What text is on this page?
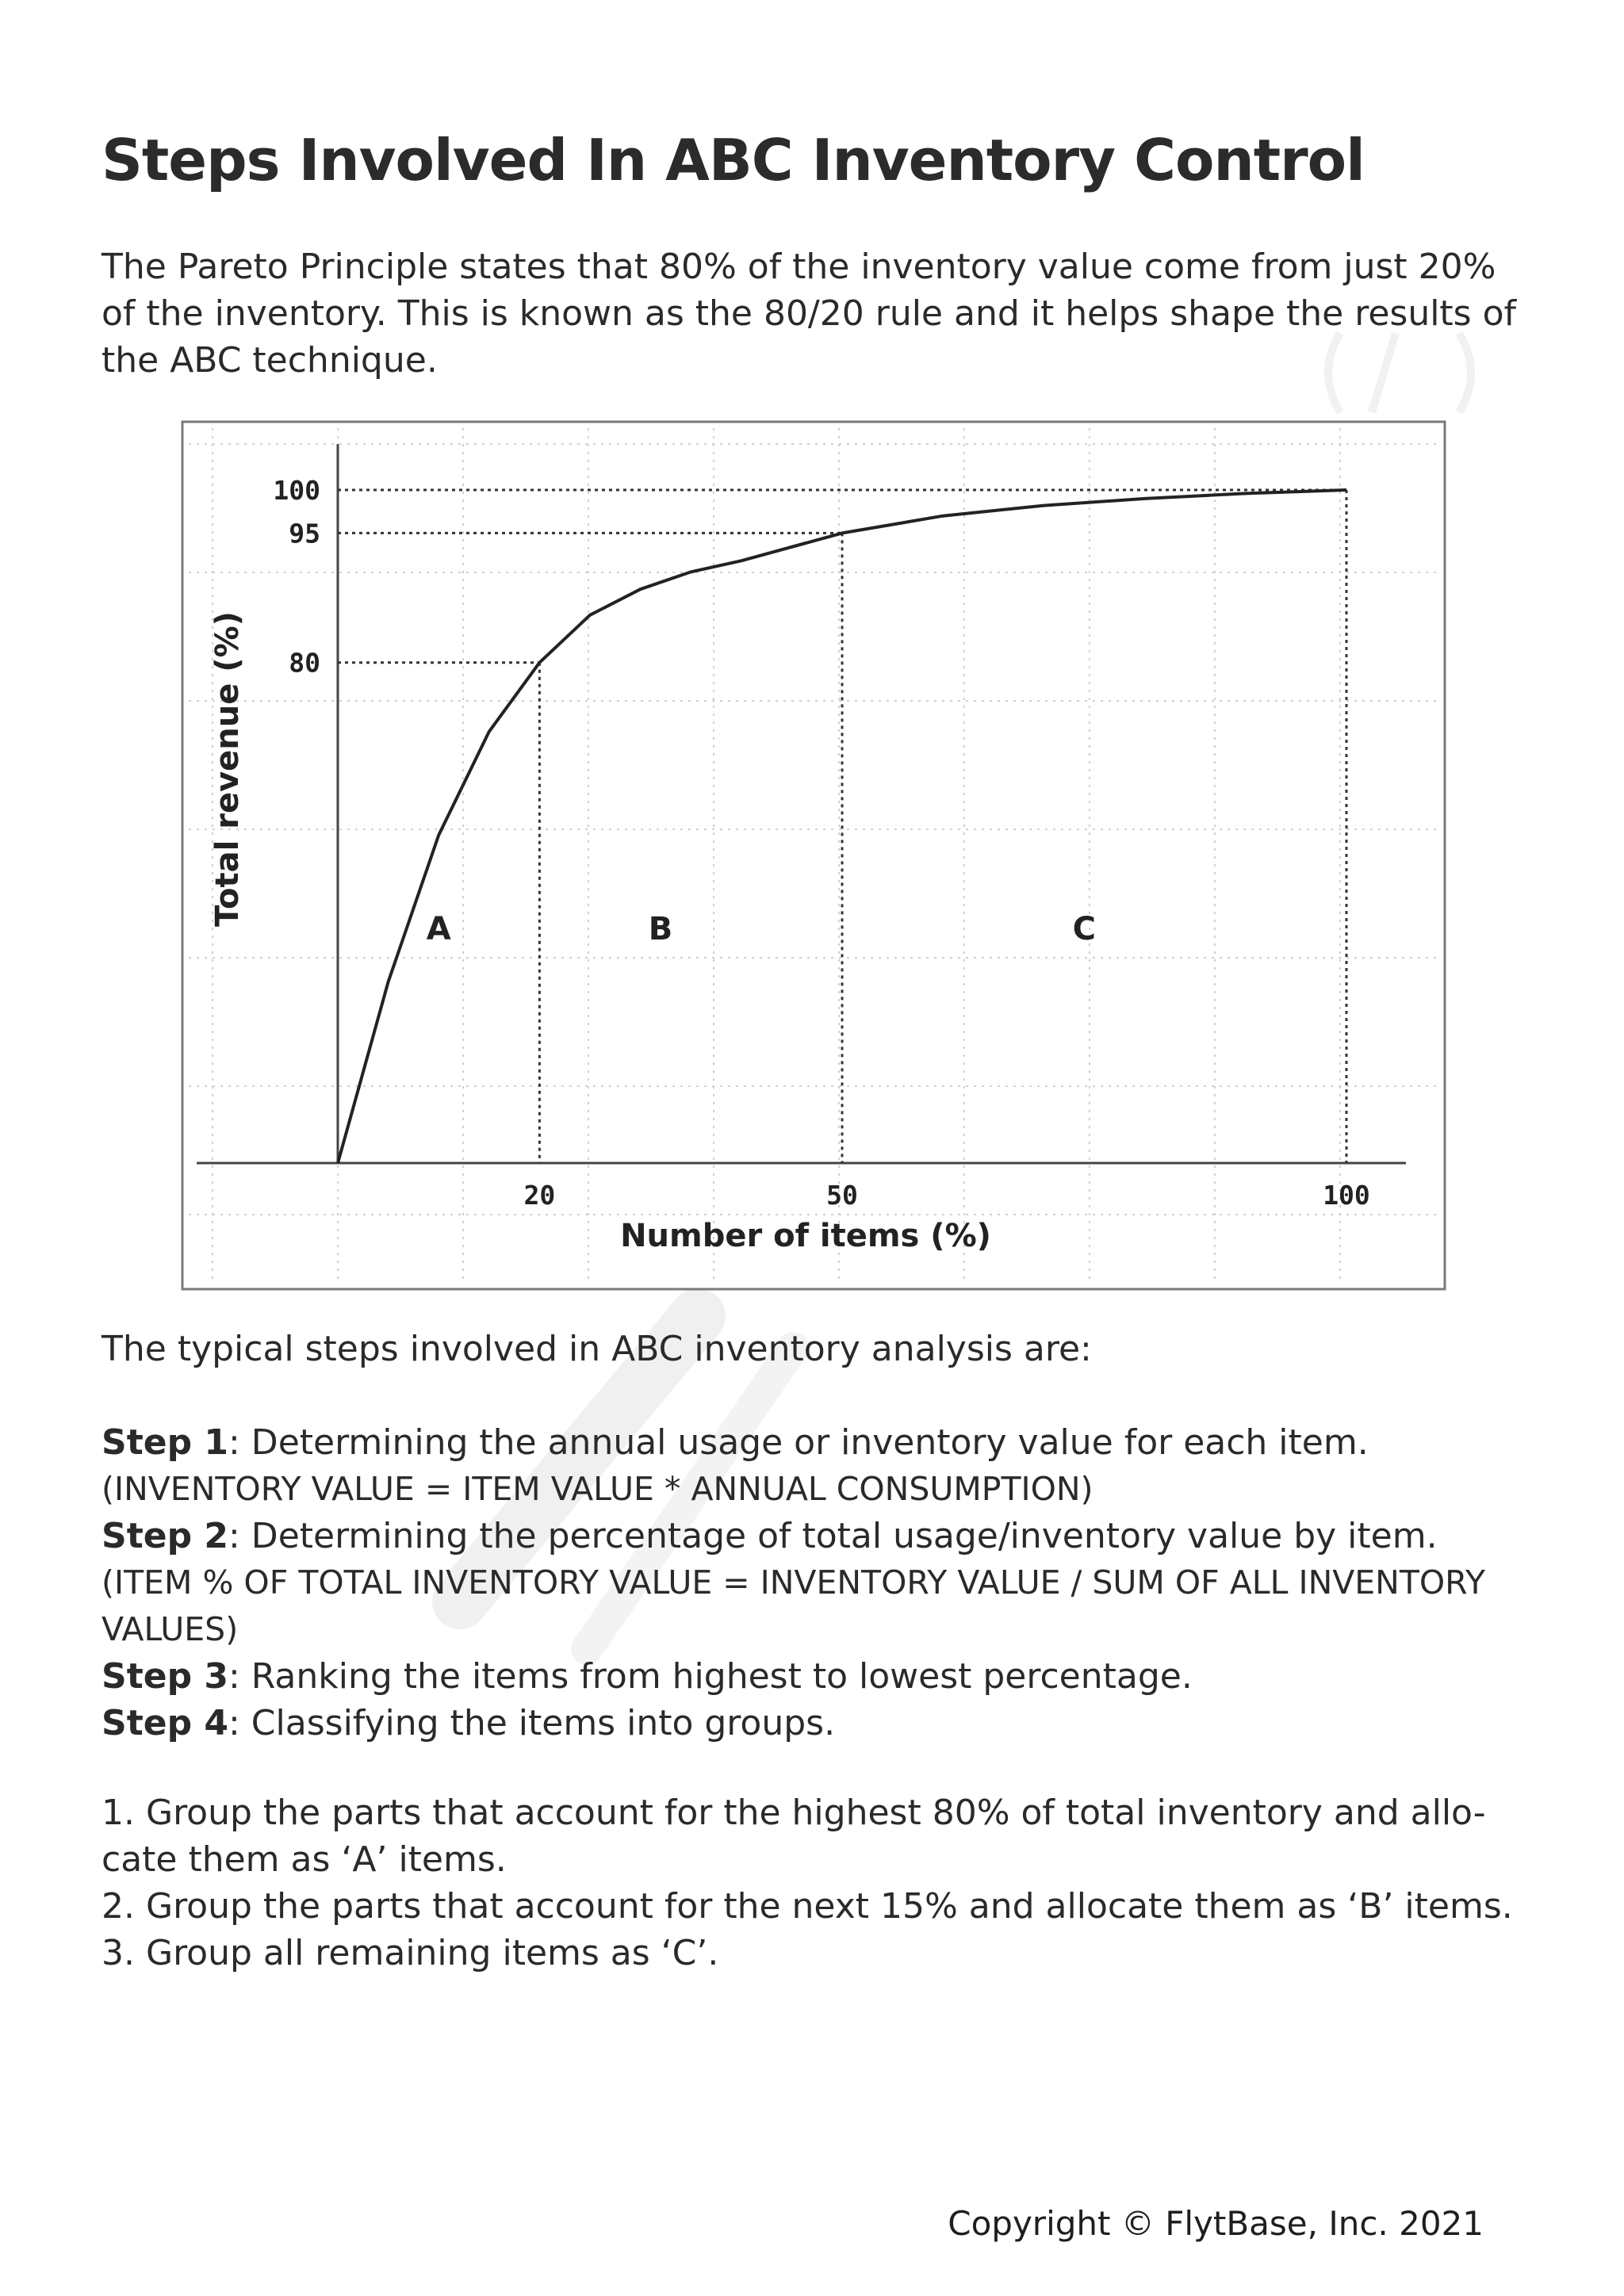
Steps Involved In ABC Inventory Control
The Pareto Principle states that 80% of the inventory value come from just 20% of the inventory. This is known as the 80/20 rule and it helps shape the results of the ABC technique.
100
95
80
20	50	100
A	B	C
Number of items (%)
Total revenue (%)
The typical steps involved in ABC inventory analysis are:

Step 1: Determining the annual usage or inventory value for each item.

(INVENTORY VALUE = ITEM VALUE * ANNUAL CONSUMPTION)

Step 2: Determining the percentage of total usage/inventory value by item.

(ITEM % OF TOTAL INVENTORY VALUE = INVENTORY VALUE / SUM OF ALL INVENTORY VALUES)

Step 3: Ranking the items from highest to lowest percentage.

Step 4: Classifying the items into groups.

1. Group the parts that account for the highest 80% of total inventory and allo-cate them as ‘A’ items.

2. Group the parts that account for the next 15% and allocate them as ‘B’ items.

3. Group all remaining items as ‘C’.

Copyright © FlytBase, Inc. 2021
